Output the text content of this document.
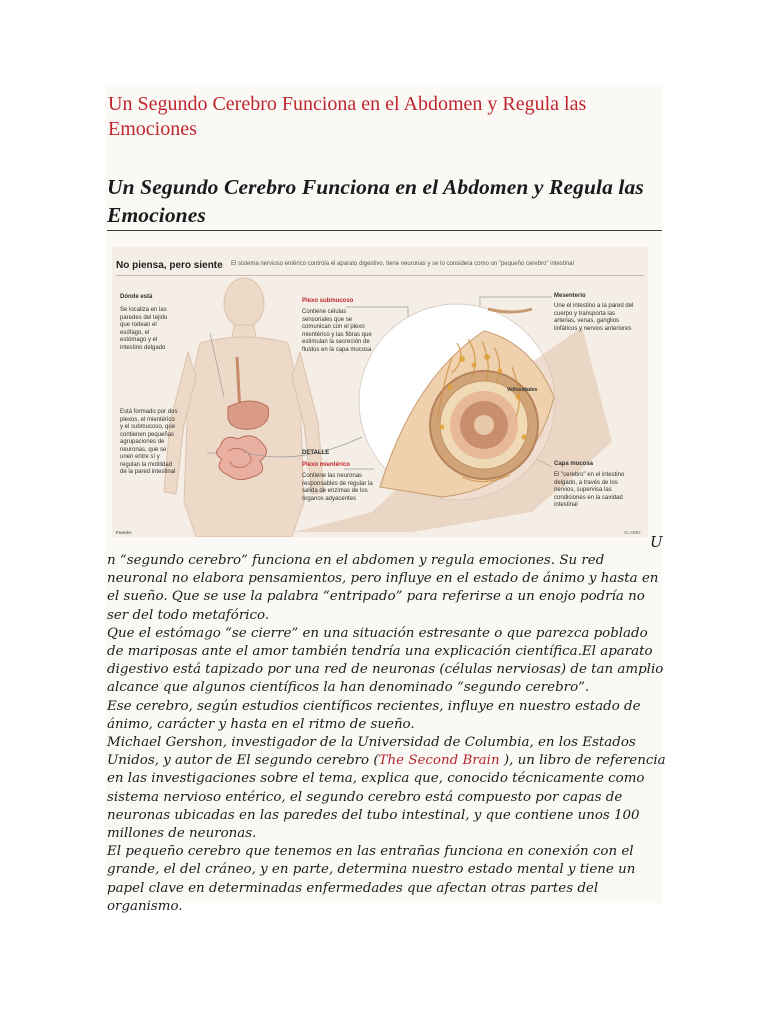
Un Segundo Cerebro Funciona en el Abdomen y Regula las Emociones
Un Segundo Cerebro Funciona en el Abdomen y Regula las Emociones
No piensa, pero siente El sistema nervioso entérico controla el aparato digestivo, tiene neuronas y se lo considera como un "pequeño cerebro" intestinal
Dónde está
Se localiza en las paredes del tejido que rodean el esófago, el estómago y el intestino delgado
Está formado por dos plexos, el mientérico y el submucoso, que contienen pequeñas agrupaciones de neuronas, que se unen entre sí y regulan la motilidad de la pared intestinal
Plexo submucoso
Contiene células sensoriales que se comunican con el plexo mientérico y las fibras que estimulan la secreción de fluidos en la capa mucosa
DETALLE
Plexo mientérico
Contiene las neuronas responsables de regular la salida de enzimas de los órganos adyacentes
Mesenterio
Une el intestino a la pared del cuerpo y transporta las arterias, venas, ganglios linfáticos y nervios anteriores
Vellosidades
Capa mucosa
El "cerebro" en el intestino delgado, a través de los nervios, supervisa las condiciones en la cavidad intestinal
Fuente:	CLARIN
U

n “segundo cerebro” funciona en el abdomen y regula emociones. Su red neuronal no elabora pensamientos, pero influye en el estado de ánimo y hasta en el sueño. Que se use la palabra “entripado” para referirse a un enojo podría no ser del todo metafórico.

Que el estómago “se cierre” en una situación estresante o que parezca poblado de mariposas ante el amor también tendría una explicación científica.El aparato digestivo está tapizado por una red de neuronas (células nerviosas) de tan amplio alcance que algunos científicos la han denominado “segundo cerebro”.

Ese cerebro, según estudios científicos recientes, influye en nuestro estado de ánimo, carácter y hasta en el ritmo de sueño.

Michael Gershon, investigador de la Universidad de Columbia, en los Estados Unidos, y autor de El segundo cerebro (The Second Brain ), un libro de referencia en las investigaciones sobre el tema, explica que, conocido técnicamente como sistema nervioso entérico, el segundo cerebro está compuesto por capas de neuronas ubicadas en las paredes del tubo intestinal, y que contiene unos 100 millones de neuronas.

El pequeño cerebro que tenemos en las entrañas funciona en conexión con el grande, el del cráneo, y en parte, determina nuestro estado mental y tiene un papel clave en determinadas enfermedades que afectan otras partes del organismo.
